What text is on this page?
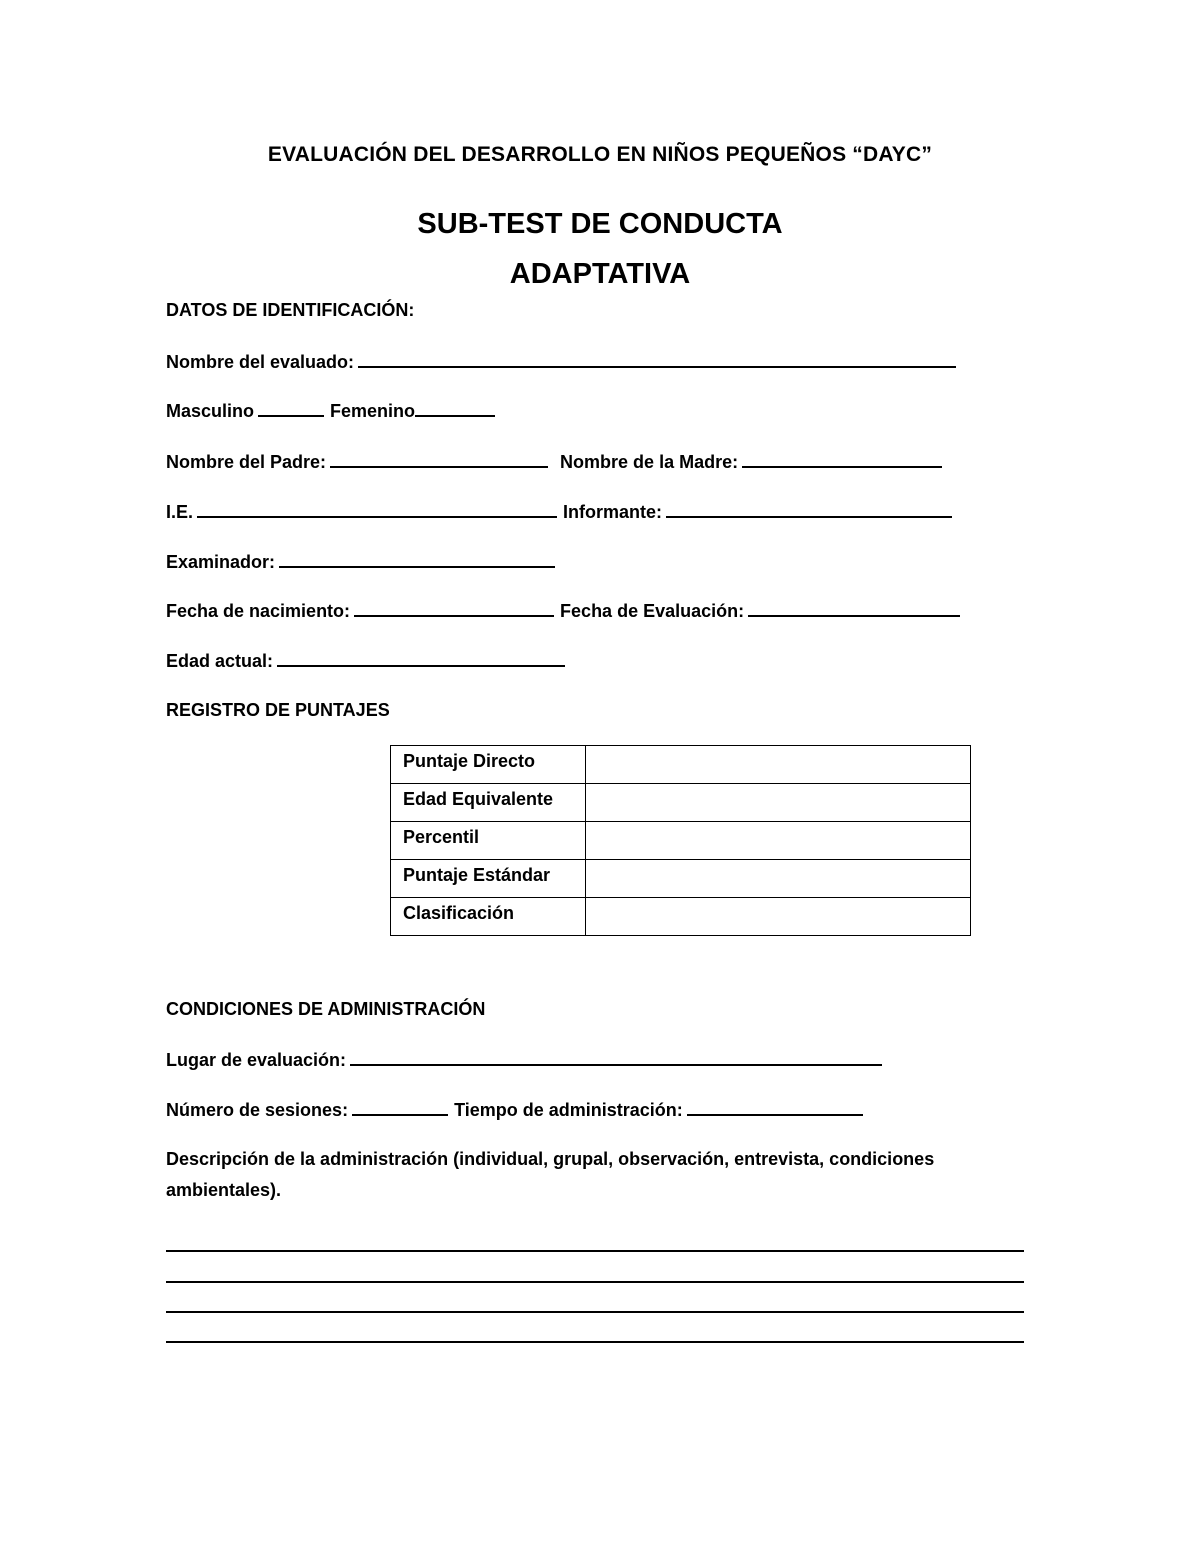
EVALUACIÓN DEL DESARROLLO EN NIÑOS PEQUEÑOS “DAYC”
SUB-TEST DE CONDUCTA
ADAPTATIVA
DATOS DE IDENTIFICACIÓN:
Nombre del evaluado:
Masculino	Femenino
Nombre del Padre:	Nombre de la Madre:
I.E.	Informante:
Examinador:
Fecha de nacimiento:	Fecha de Evaluación:
Edad actual:
REGISTRO DE PUNTAJES
Puntaje Directo	
Edad Equivalente	
Percentil	
Puntaje Estándar	
Clasificación	
CONDICIONES DE ADMINISTRACIÓN
Lugar de evaluación:
Número de sesiones:	Tiempo de administración:
Descripción de la administración (individual, grupal, observación, entrevista, condiciones
ambientales).
